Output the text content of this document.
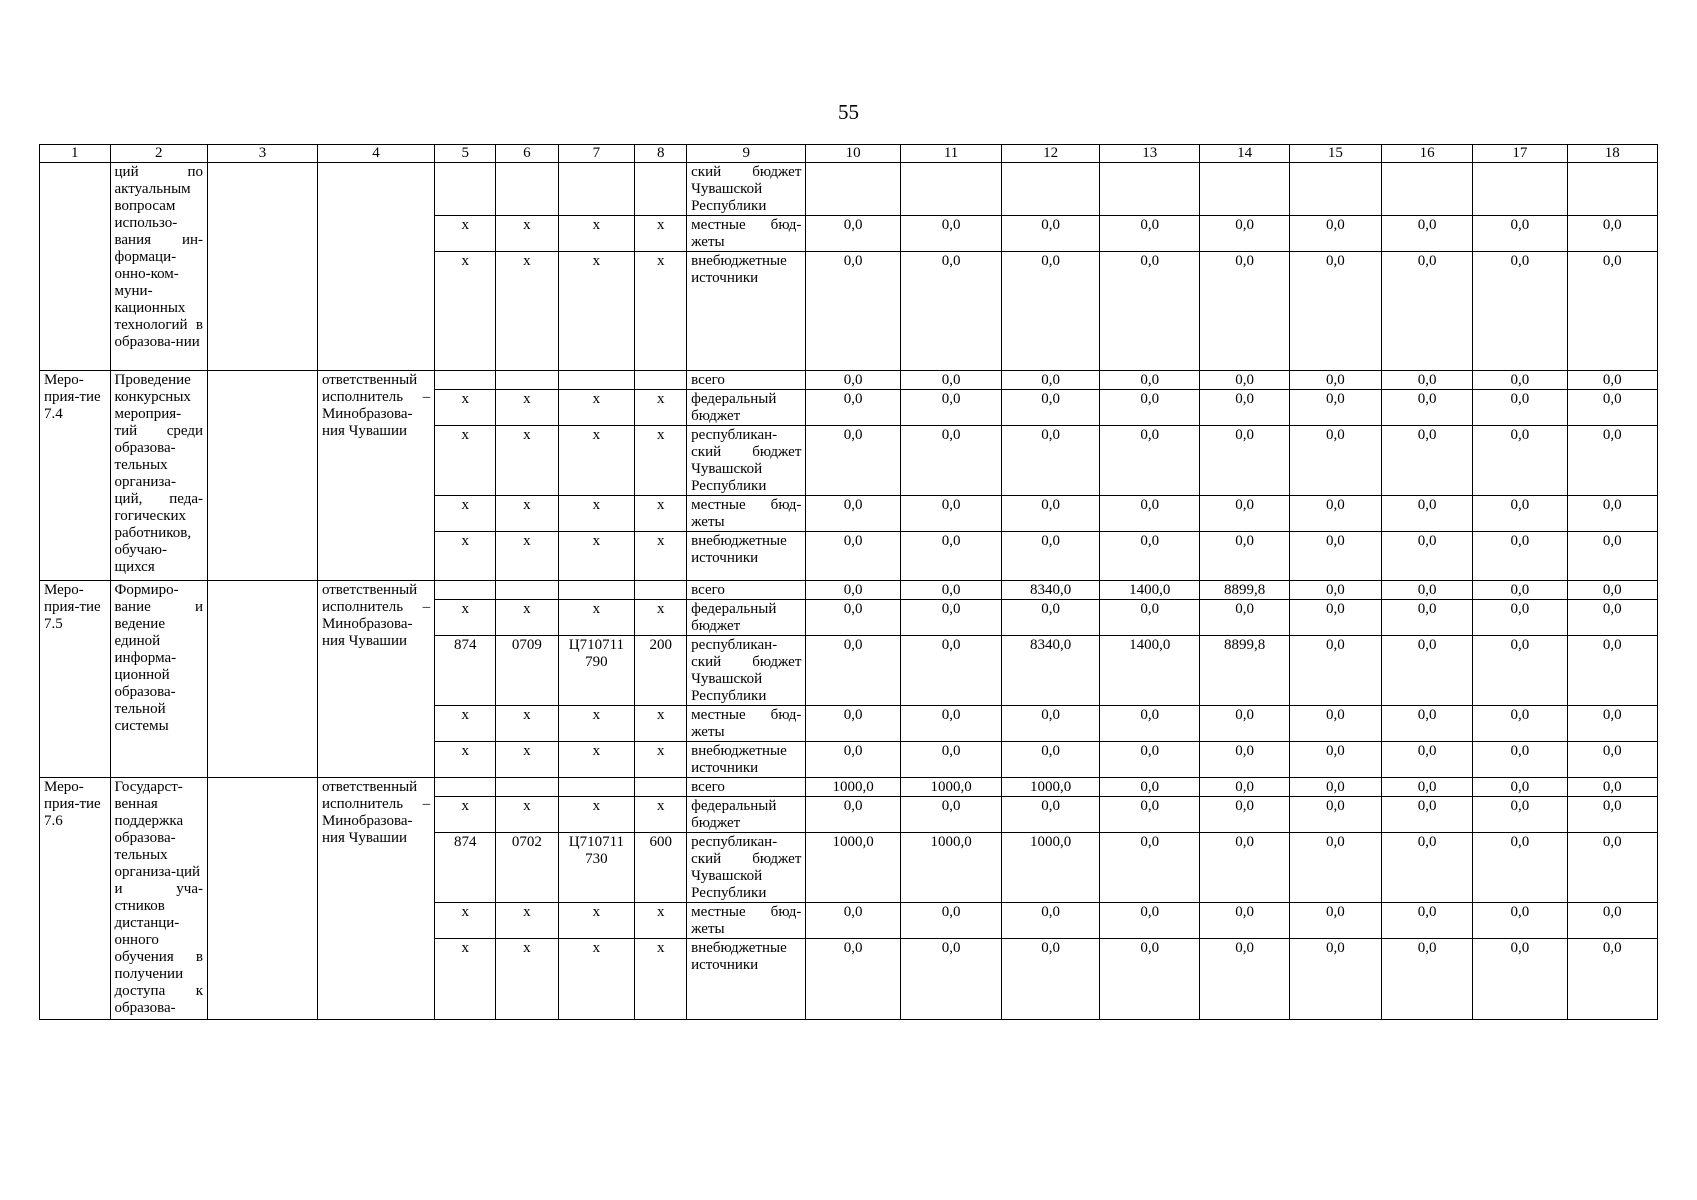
55
1	2	3	4	5	6	7	8	9	10	11	12	13	14	15	16	17	18
	ций по актуальным вопросам использо-вания ин-формаци-онно-ком-муни-кационных технологий в образова-нии							ский бюджет Чувашской Республики									
				x	x	x	x	местные бюд-жеты	0,0	0,0	0,0	0,0	0,0	0,0	0,0	0,0	0,0
				x	x	x	x	внебюджетные источники	0,0	0,0	0,0	0,0	0,0	0,0	0,0	0,0	0,0
Меро-прия-тие 7.4	Проведение конкурсных мероприя-тий среди образова-тельных организа-ций, педа-гогических работников, обучаю-щихся		ответственный исполнитель – Минобразова-ния Чувашии					всего	0,0	0,0	0,0	0,0	0,0	0,0	0,0	0,0	0,0
				x	x	x	x	федеральный бюджет	0,0	0,0	0,0	0,0	0,0	0,0	0,0	0,0	0,0
				x	x	x	x	республикан-ский бюджет Чувашской Республики	0,0	0,0	0,0	0,0	0,0	0,0	0,0	0,0	0,0
				x	x	x	x	местные бюд-жеты	0,0	0,0	0,0	0,0	0,0	0,0	0,0	0,0	0,0
				x	x	x	x	внебюджетные источники	0,0	0,0	0,0	0,0	0,0	0,0	0,0	0,0	0,0
Меро-прия-тие 7.5	Формиро-вание и ведение единой информа-ционной образова-тельной системы		ответственный исполнитель – Минобразова-ния Чувашии					всего	0,0	0,0	8340,0	1400,0	8899,8	0,0	0,0	0,0	0,0
				x	x	x	x	федеральный бюджет	0,0	0,0	0,0	0,0	0,0	0,0	0,0	0,0	0,0
				874	0709	Ц710711 790	200	республикан-ский бюджет Чувашской Республики	0,0	0,0	8340,0	1400,0	8899,8	0,0	0,0	0,0	0,0
				x	x	x	x	местные бюд-жеты	0,0	0,0	0,0	0,0	0,0	0,0	0,0	0,0	0,0
				x	x	x	x	внебюджетные источники	0,0	0,0	0,0	0,0	0,0	0,0	0,0	0,0	0,0
Меро-прия-тие 7.6	Государст-венная поддержка образова-тельных организа-ций и уча-стников дистанци-онного обучения в получении доступа к образова-		ответственный исполнитель – Минобразова-ния Чувашии					всего	1000,0	1000,0	1000,0	0,0	0,0	0,0	0,0	0,0	0,0
				x	x	x	x	федеральный бюджет	0,0	0,0	0,0	0,0	0,0	0,0	0,0	0,0	0,0
				874	0702	Ц710711 730	600	республикан-ский бюджет Чувашской Республики	1000,0	1000,0	1000,0	0,0	0,0	0,0	0,0	0,0	0,0
				x	x	x	x	местные бюд-жеты	0,0	0,0	0,0	0,0	0,0	0,0	0,0	0,0	0,0
				x	x	x	x	внебюджетные источники	0,0	0,0	0,0	0,0	0,0	0,0	0,0	0,0	0,0
